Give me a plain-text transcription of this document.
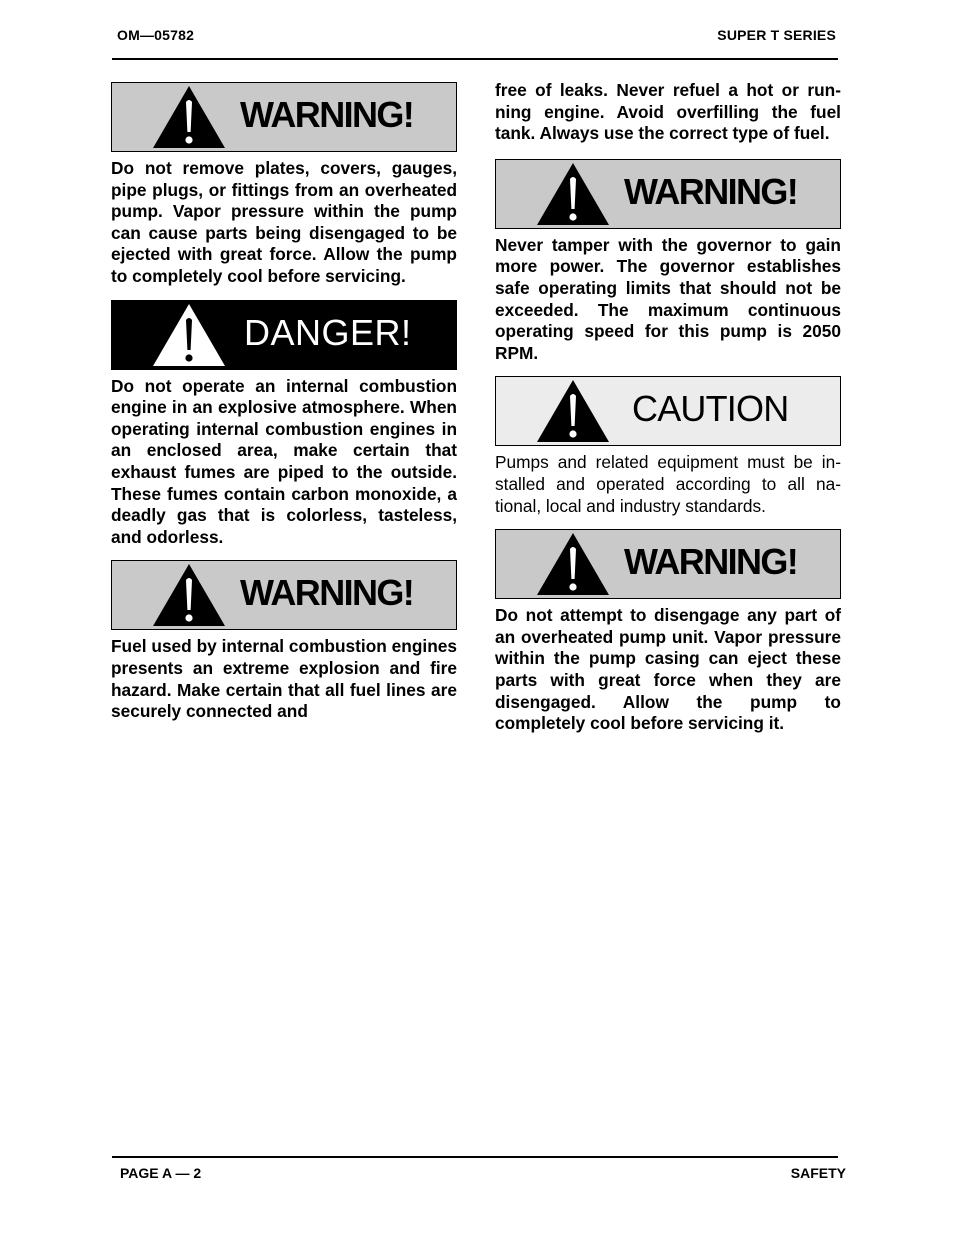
OM—05782	SUPER T SERIES
WARNING!

Do not remove plates, covers, gauges, pipe plugs, or fittings from an overheated pump. Vapor pressure within the pump can cause parts being disengaged to be ejected with great force. Allow the pump to completely cool before servicing.

DANGER!

Do not operate an internal combustion engine in an explosive atmosphere. When operating internal combustion engines in an enclosed area, make certain that exhaust fumes are piped to the outside. These fumes contain carbon monoxide, a deadly gas that is colorless, tasteless, and odorless.

WARNING!

Fuel used by internal combustion engines presents an extreme explosion and fire hazard. Make certain that all fuel lines are securely connected and

free of leaks. Never refuel a hot or running engine. Avoid overfilling the fuel tank. Always use the correct type of fuel.

WARNING!

Never tamper with the governor to gain more power. The governor establishes safe operating limits that should not be exceeded. The maximum continuous operating speed for this pump is 2050 RPM.

CAUTION

Pumps and related equipment must be installed and operated according to all national, local and industry standards.

WARNING!

Do not attempt to disengage any part of an overheated pump unit. Vapor pressure within the pump casing can eject these parts with great force when they are disengaged. Allow the pump to completely cool before servicing it.

PAGE A — 2	SAFETY
